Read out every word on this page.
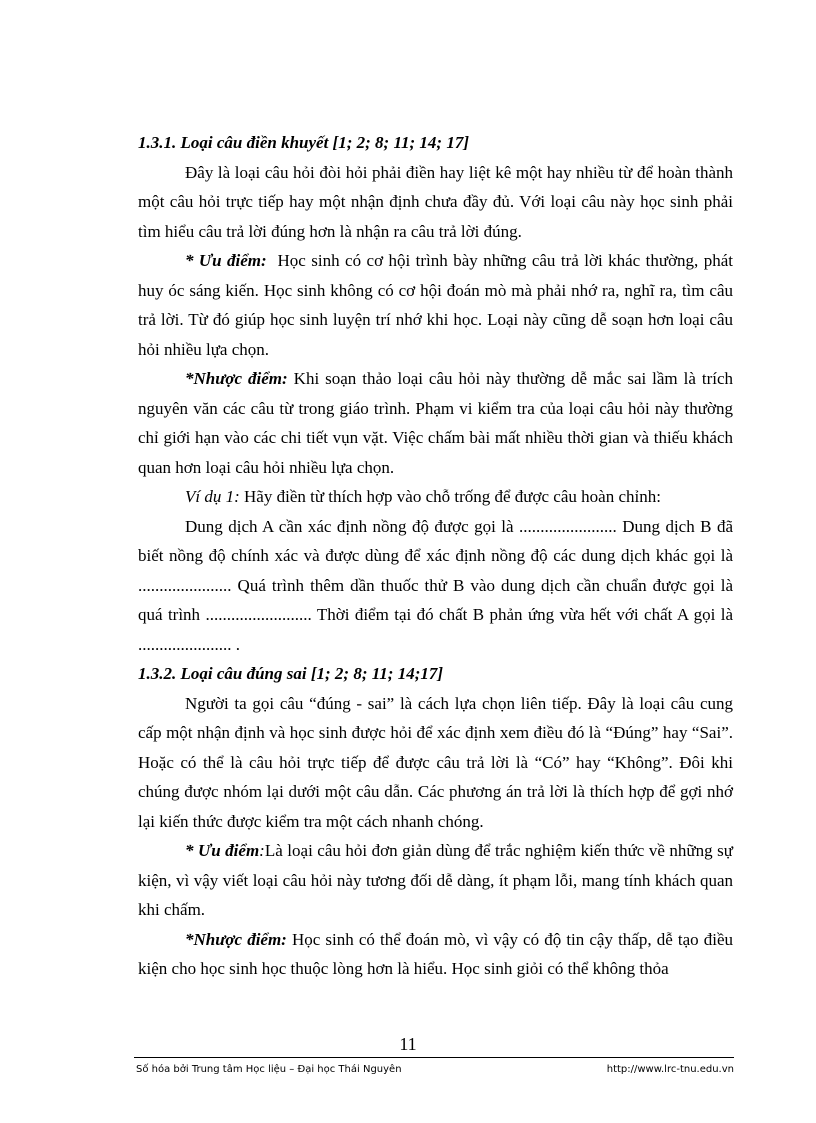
1.3.1. Loại câu điền khuyết [1; 2; 8; 11; 14; 17]

Đây là loại câu hỏi đòi hỏi phải điền hay liệt kê một hay nhiều từ để hoàn thành một câu hỏi trực tiếp hay một nhận định chưa đầy đủ. Với loại câu này học sinh phải tìm hiểu câu trả lời đúng hơn là nhận ra câu trả lời đúng.

* Ưu điểm: Học sinh có cơ hội trình bày những câu trả lời khác thường, phát huy óc sáng kiến. Học sinh không có cơ hội đoán mò mà phải nhớ ra, nghĩ ra, tìm câu trả lời. Từ đó giúp học sinh luyện trí nhớ khi học. Loại này cũng dễ soạn hơn loại câu hỏi nhiều lựa chọn.

*Nhược điểm: Khi soạn thảo loại câu hỏi này thường dễ mắc sai lầm là trích nguyên văn các câu từ trong giáo trình. Phạm vi kiểm tra của loại câu hỏi này thường chỉ giới hạn vào các chi tiết vụn vặt. Việc chấm bài mất nhiều thời gian và thiếu khách quan hơn loại câu hỏi nhiều lựa chọn.

Ví dụ 1: Hãy điền từ thích hợp vào chỗ trống để được câu hoàn chỉnh:

Dung dịch A cần xác định nồng độ được gọi là ....................... Dung dịch B đã biết nồng độ chính xác và được dùng để xác định nồng độ các dung dịch khác gọi là ...................... Quá trình thêm dần thuốc thử B vào dung dịch cần chuẩn được gọi là quá trình ......................... Thời điểm tại đó chất B phản ứng vừa hết với chất A gọi là ...................... .

1.3.2. Loại câu đúng sai [1; 2; 8; 11; 14;17]

Người ta gọi câu “đúng - sai” là cách lựa chọn liên tiếp. Đây là loại câu cung cấp một nhận định và học sinh được hỏi để xác định xem điều đó là “Đúng” hay “Sai”. Hoặc có thể là câu hỏi trực tiếp để được câu trả lời là “Có” hay “Không”. Đôi khi chúng được nhóm lại dưới một câu dẫn. Các phương án trả lời là thích hợp để gợi nhớ lại kiến thức được kiểm tra một cách nhanh chóng.

* Ưu điểm:Là loại câu hỏi đơn giản dùng để trắc nghiệm kiến thức về những sự kiện, vì vậy viết loại câu hỏi này tương đối dễ dàng, ít phạm lỗi, mang tính khách quan khi chấm.

*Nhược điểm: Học sinh có thể đoán mò, vì vậy có độ tin cậy thấp, dễ tạo điều kiện cho học sinh học thuộc lòng hơn là hiểu. Học sinh giỏi có thể không thỏa

11
Số hóa bởi Trung tâm Học liệu – Đại học Thái Nguyên	http://www.lrc-tnu.edu.vn
